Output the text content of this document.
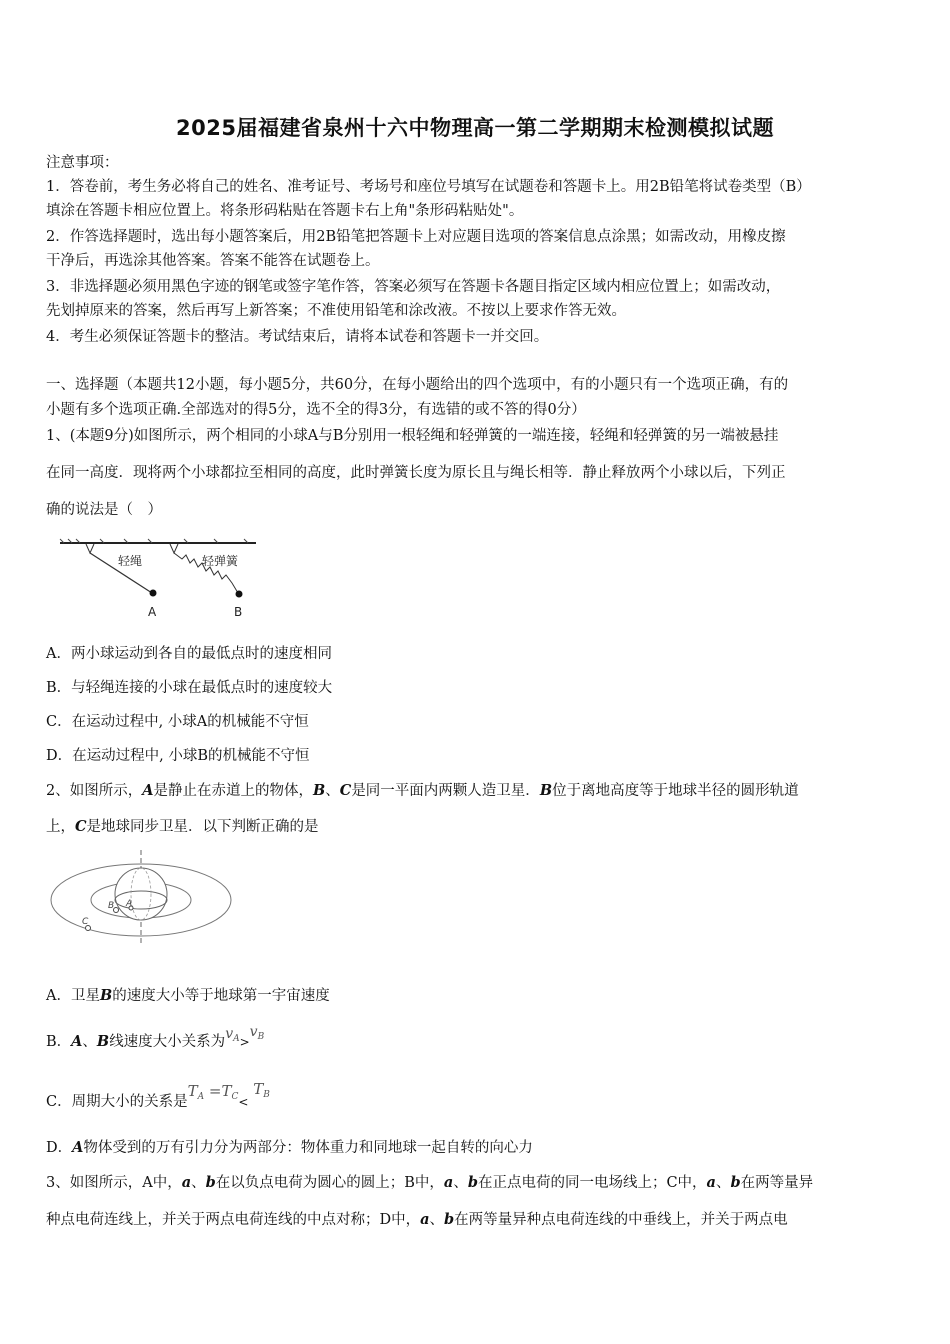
2025届福建省泉州十六中物理高一第二学期期末检测模拟试题
注意事项：
1．答卷前，考生务必将自己的姓名、准考证号、考场号和座位号填写在试题卷和答题卡上。用2B铅笔将试卷类型（B）
填涂在答题卡相应位置上。将条形码粘贴在答题卡右上角"条形码粘贴处"。
2．作答选择题时，选出每小题答案后，用2B铅笔把答题卡上对应题目选项的答案信息点涂黑；如需改动，用橡皮擦
干净后，再选涂其他答案。答案不能答在试题卷上。
3．非选择题必须用黑色字迹的钢笔或签字笔作答，答案必须写在答题卡各题目指定区域内相应位置上；如需改动，
先划掉原来的答案，然后再写上新答案；不准使用铅笔和涂改液。不按以上要求作答无效。
4．考生必须保证答题卡的整洁。考试结束后，请将本试卷和答题卡一并交回。
一、选择题（本题共12小题，每小题5分，共60分，在每小题给出的四个选项中，有的小题只有一个选项正确，有的
小题有多个选项正确.全部选对的得5分，选不全的得3分，有选错的或不答的得0分）
1、(本题9分)如图所示，两个相同的小球A与B分别用一根轻绳和轻弹簧的一端连接，轻绳和轻弹簧的另一端被悬挂
在同一高度．现将两个小球都拉至相同的高度，此时弹簧长度为原长且与绳长相等．静止释放两个小球以后，下列正
确的说法是（　）
轻绳
A
轻弹簧
B
A．两小球运动到各自的最低点时的速度相同
B．与轻绳连接的小球在最低点时的速度较大
C．在运动过程中, 小球A的机械能不守恒
D．在运动过程中, 小球B的机械能不守恒
2、如图所示，A是静止在赤道上的物体，B、C是同一平面内两颗人造卫星．B位于离地高度等于地球半径的圆形轨道
上，C是地球同步卫星．以下判断正确的是
A
B
C
A．卫星B的速度大小等于地球第一宇宙速度
B．A、B线速度大小关系为$v_A>v_B$
C．周期大小的关系是$T_A =T_C< T_B$
D．A物体受到的万有引力分为两部分：物体重力和同地球一起自转的向心力
3、如图所示，A中，a、b在以负点电荷为圆心的圆上；B中，a、b在正点电荷的同一电场线上；C中，a、b在两等量异
种点电荷连线上，并关于两点电荷连线的中点对称；D中，a、b在两等量异种点电荷连线的中垂线上，并关于两点电
